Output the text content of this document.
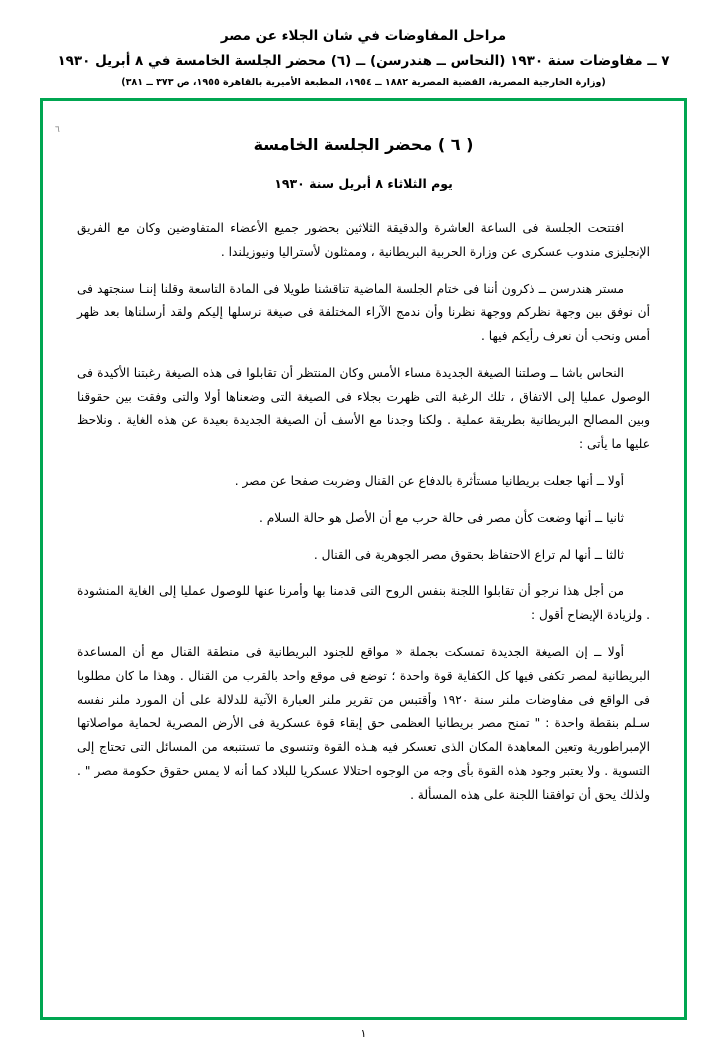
مراحل المفاوضات في شان الجلاء عن مصر
٧ ــ مفاوضات سنة ١٩٣٠ (النحاس ــ هندرسن) ــ (٦) محضر الجلسة الخامسة في ٨ أبريل ١٩٣٠
(وزارة الخارجية المصرية، القضية المصرية ١٨٨٢ ــ ١٩٥٤، المطبعة الأميرية بالقاهرة ١٩٥٥، ص ٣٧٣ ــ ٣٨١)
٦
( ٦ ) محضر الجلسة الخامسة
يوم الثلاثاء ٨ أبريل سنة ١٩٣٠

افتتحت الجلسة فى الساعة العاشرة والدقيقة الثلاثين بحضور جميع الأعضاء المتفاوضين وكان مع الفريق الإنجليزى مندوب عسكرى عن وزارة الحربية البريطانية ، وممثلون لأستراليا ونيوزيلندا .

مستر هندرسن ــ ذكرون أننا فى ختام الجلسة الماضية تناقشنا طويلا فى المادة التاسعة وقلنا إننـا سنجتهد فى أن نوفق بين وجهة نظركم ووجهة نظرنا وأن ندمج الآراء المختلفة فى صيغة نرسلها إليكم ولقد أرسلناها بعد ظهر أمس ونحب أن نعرف رأيكم فيها .

النحاس باشا ــ وصلتنا الصيغة الجديدة مساء الأمس وكان المنتظر أن تقابلوا فى هذه الصيغة رغبتنا الأكيدة فى الوصول عمليا إلى الاتفاق ، تلك الرغبة التى ظهرت بجلاء فى الصيغة التى وضعناها أولا والتى وفقت بين حقوقنا وبين المصالح البريطانية بطريقة عملية . ولكنا وجدنا مع الأسف أن الصيغة الجديدة بعيدة عن هذه الغاية . ونلاحظ عليها ما يأتى :

أولا ــ أنها جعلت بريطانيا مستأثرة بالدفاع عن القنال وضربت صفحا عن مصر .

ثانيا ــ أنها وضعت كأن مصر فى حالة حرب مع أن الأصل هو حالة السلام .

ثالثا ــ أنها لم تراع الاحتفاظ بحقوق مصر الجوهرية فى القنال .

من أجل هذا نرجو أن تقابلوا اللجنة بنفس الروح التى قدمنا بها وأمرنا عنها للوصول عمليا إلى الغاية المنشودة . ولزيادة الإيضاح أقول :

أولا ــ إن الصيغة الجديدة تمسكت بجملة « مواقع للجنود البريطانية فى منطقة القنال مع أن المساعدة البريطانية لمصر تكفى فيها كل الكفاية قوة واحدة ؛ توضع فى موقع واحد بالقرب من القنال . وهذا ما كان مطلوبا فى الواقع فى مفاوضات ملنر سنة ١٩٢٠ وأقتبس من تقرير ملنر العبارة الآتية للدلالة على أن المورد ملنر نفسه سـلم بنقطة واحدة : " تمنح مصر بريطانيا العظمى حق إبقاء قوة عسكرية فى الأرض المصرية لحماية مواصلاتها الإمبراطورية وتعين المعاهدة المكان الذى تعسكر فيه هـذه القوة وتنسوى ما تستنبعه من المسائل التى تحتاج إلى التسوية . ولا يعتبر وجود هذه القوة بأى وجه من الوجوه احتلالا عسكريا للبلاد كما أنه لا يمس حقوق حكومة مصر " . ولذلك يحق أن توافقنا اللجنة على هذه المسألة .

١
